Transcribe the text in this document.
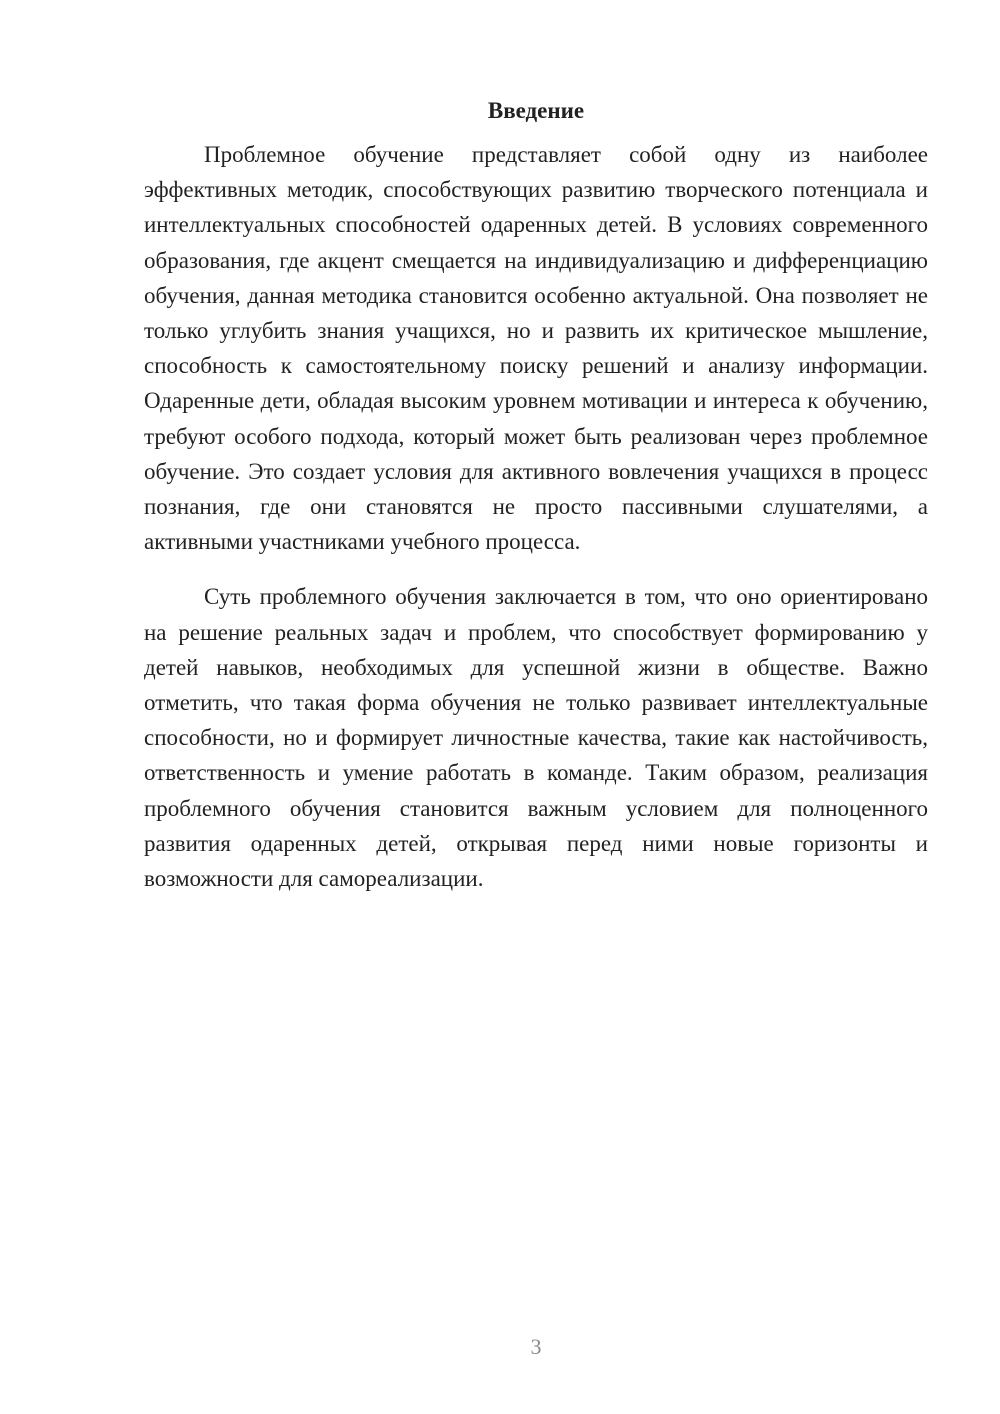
Введение

Проблемное обучение представляет собой одну из наиболее эффективных методик, способствующих развитию творческого потенциала и интеллектуальных способностей одаренных детей. В условиях современного образования, где акцент смещается на индивидуализацию и дифференциацию обучения, данная методика становится особенно актуальной. Она позволяет не только углубить знания учащихся, но и развить их критическое мышление, способность к самостоятельному поиску решений и анализу информации. Одаренные дети, обладая высоким уровнем мотивации и интереса к обучению, требуют особого подхода, который может быть реализован через проблемное обучение. Это создает условия для активного вовлечения учащихся в процесс познания, где они становятся не просто пассивными слушателями, а активными участниками учебного процесса.

Суть проблемного обучения заключается в том, что оно ориентировано на решение реальных задач и проблем, что способствует формированию у детей навыков, необходимых для успешной жизни в обществе. Важно отметить, что такая форма обучения не только развивает интеллектуальные способности, но и формирует личностные качества, такие как настойчивость, ответственность и умение работать в команде. Таким образом, реализация проблемного обучения становится важным условием для полноценного развития одаренных детей, открывая перед ними новые горизонты и возможности для самореализации.

3
